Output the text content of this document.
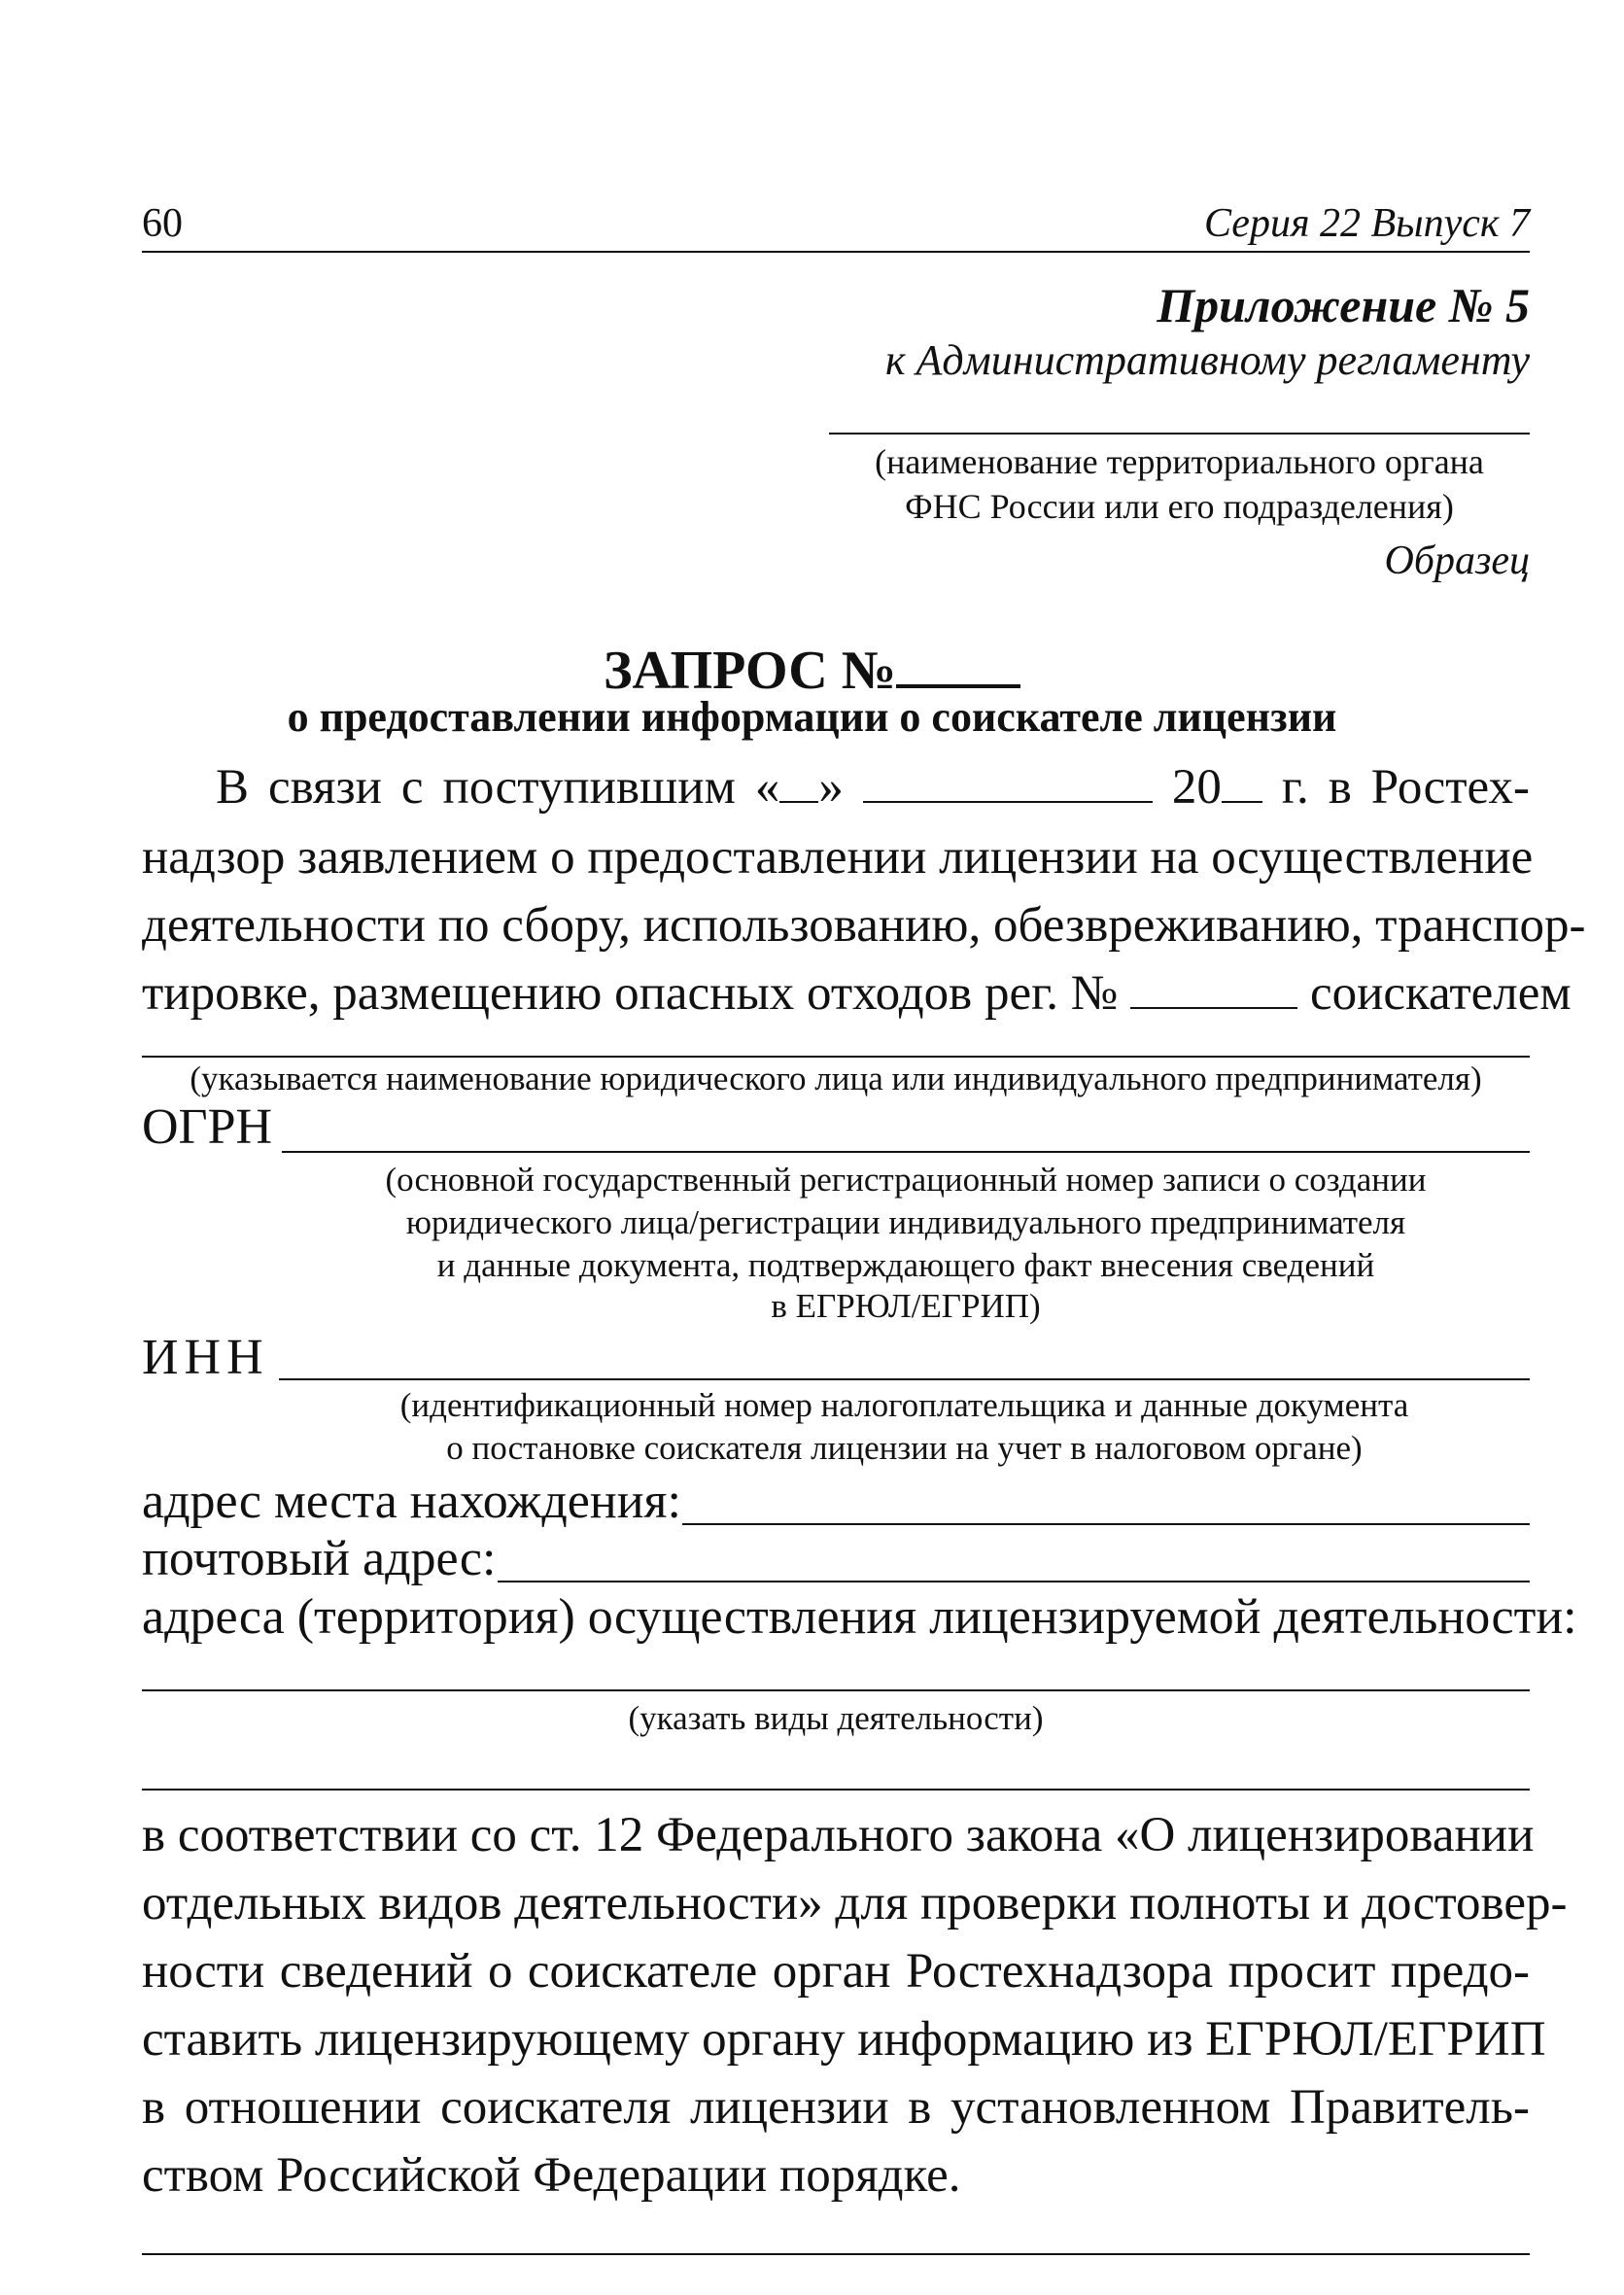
60	Серия 22 Выпуск 7
Приложение № 5
к Административному регламенту
(наименование территориального органа
ФНС России или его подразделения)
Образец
ЗАПРОС №
о предоставлении информации о соискателе лицензии
В связи с поступившим « »	20 г. в Ростех-
надзор заявлением о предоставлении лицензии на осуществление
деятельности по сбору, использованию, обезвреживанию, транспор-
тировке, размещению опасных отходов рег. №	соискателем
(указывается наименование юридического лица или индивидуального предпринимателя)
ОГРН
(основной государственный регистрационный номер записи о создании
юридического лица/регистрации индивидуального предпринимателя
и данные документа, подтверждающего факт внесения сведений
в ЕГРЮЛ/ЕГРИП)
ИНН
(идентификационный номер налогоплательщика и данные документа
о постановке соискателя лицензии на учет в налоговом органе)
адрес места нахождения:
почтовый адрес:
адреса (территория) осуществления лицензируемой деятельности:
(указать виды деятельности)
в соответствии со ст. 12 Федерального закона «О лицензировании
отдельных видов деятельности» для проверки полноты и достовер-
ности сведений о соискателе орган Ростехнадзора просит предо-
ставить лицензирующему органу информацию из ЕГРЮЛ/ЕГРИП
в отношении соискателя лицензии в установленном Правитель-
ством Российской Федерации порядке.
